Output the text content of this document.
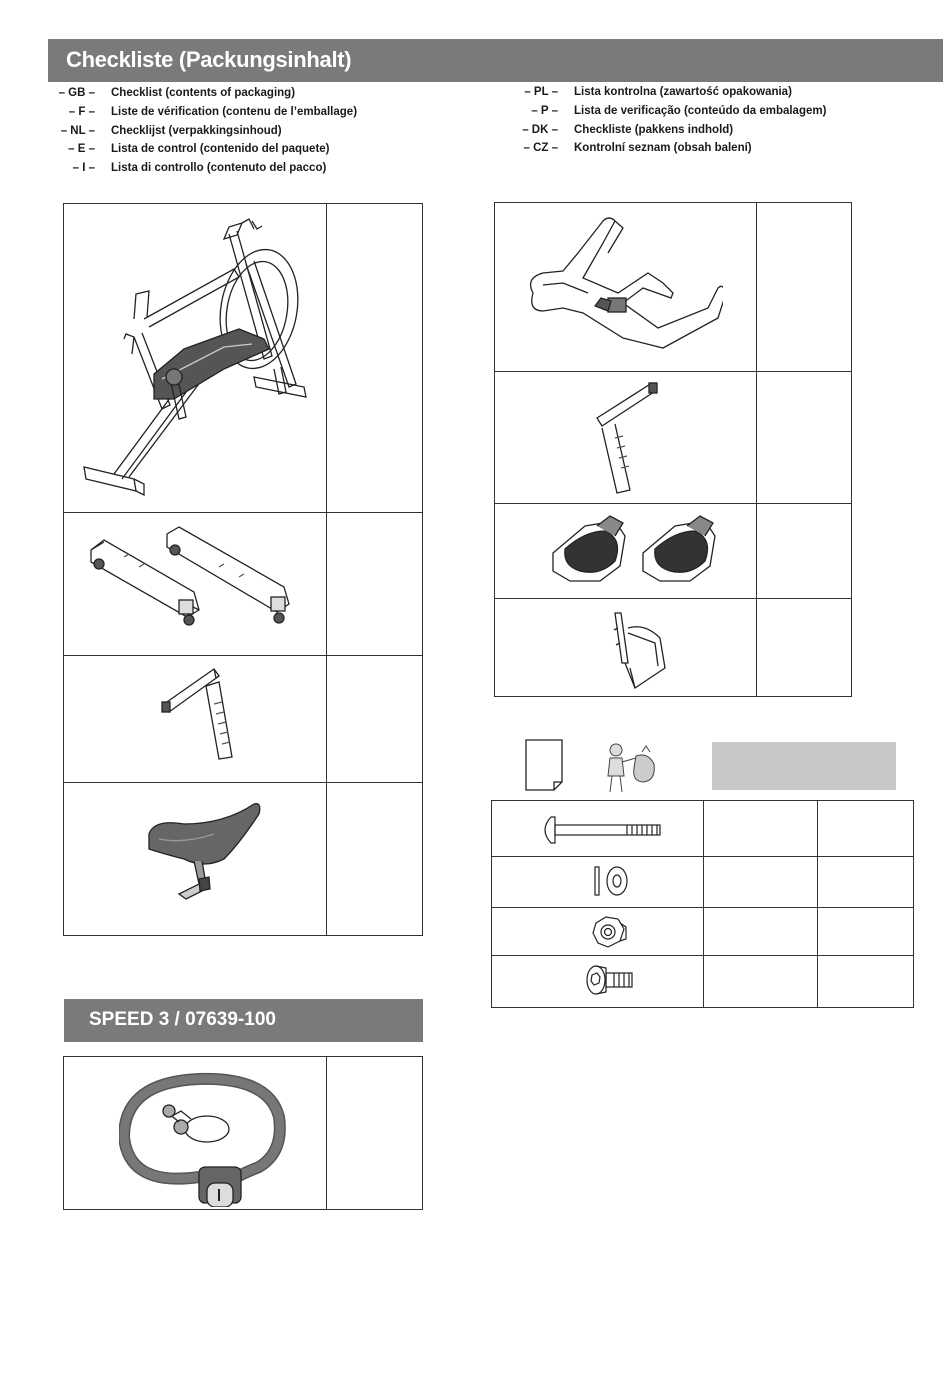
Checkliste (Packungsinhalt)
– GB –	Checklist (contents of packaging)
– F –	Liste de vérification (contenu de l’emballage)
– NL –	Checklijst (verpakkingsinhoud)
– E –	Lista de control (contenido del paquete)
– I –	Lista di controllo (contenuto del pacco)
– PL –	Lista kontrolna (zawartość opakowania)
– P –	Lista de verificação (conteúdo da embalagem)
– DK –	Checkliste (pakkens indhold)
– CZ –	Kontrolní seznam (obsah balení)
SPEED 3 / 07639-100
